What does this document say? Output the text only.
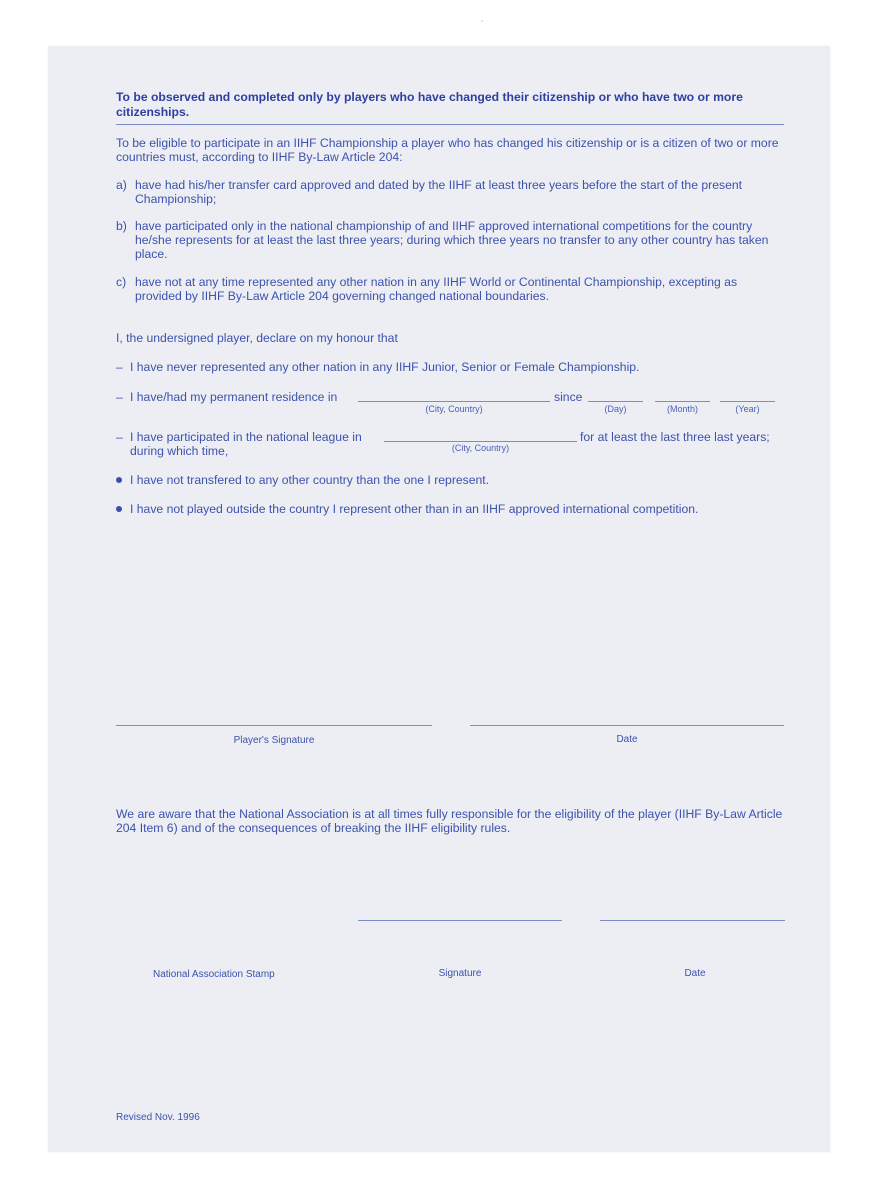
To be observed and completed only by players who have changed their citizenship or who have two or more citizenships.
To be eligible to participate in an IIHF Championship a player who has changed his citizenship or is a citizen of two or more countries must, according to IIHF By-Law Article 204:
a) have had his/her transfer card approved and dated by the IIHF at least three years before the start of the present Championship;
b) have participated only in the national championship of and IIHF approved international competitions for the country he/she represents for at least the last three years; during which three years no transfer to any other country has taken place.
c) have not at any time represented any other nation in any IIHF World or Continental Championship, excepting as provided by IIHF By-Law Article 204 governing changed national boundaries.
I, the undersigned player, declare on my honour that
– I have never represented any other nation in any IIHF Junior, Senior or Female Championship.
– I have/had my permanent residence in
(City, Country)
since
(Day)	(Month)	(Year)
– I have participated in the national league in
(City, Country)
for at least the last three last years;
during which time,
I have not transfered to any other country than the one I represent.
I have not played outside the country I represent other than in an IIHF approved international competition.
Player's Signature	Date
We are aware that the National Association is at all times fully responsible for the eligibility of the player (IIHF By-Law Article 204 Item 6) and of the consequences of breaking the IIHF eligibility rules.
National Association Stamp	Signature	Date
Revised Nov. 1996
